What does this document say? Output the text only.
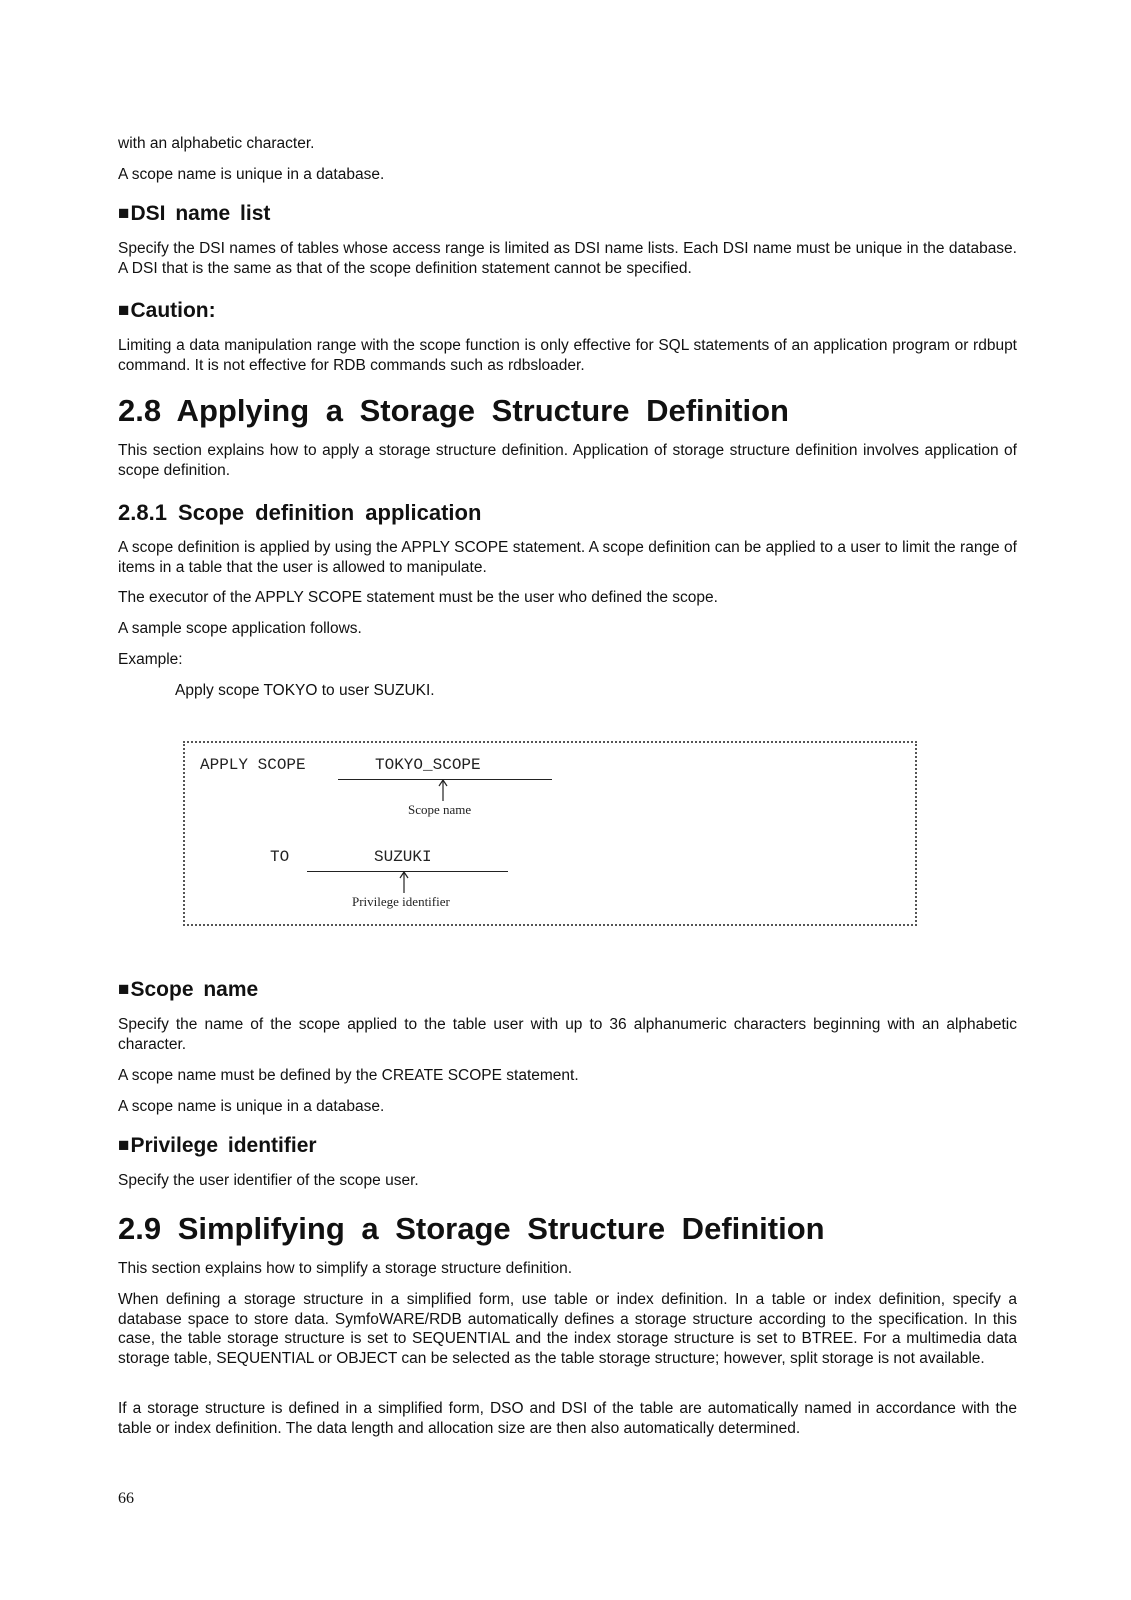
with an alphabetic character.

A scope name is unique in a database.

■DSI name list

Specify the DSI names of tables whose access range is limited as DSI name lists. Each DSI name must be unique in the database. A DSI that is the same as that of the scope definition statement cannot be specified.

■Caution:

Limiting a data manipulation range with the scope function is only effective for SQL statements of an application program or rdbupt command. It is not effective for RDB commands such as rdbsloader.

2.8 Applying a Storage Structure Definition

This section explains how to apply a storage structure definition. Application of storage structure definition involves application of scope definition.

2.8.1 Scope definition application

A scope definition is applied by using the APPLY SCOPE statement. A scope definition can be applied to a user to limit the range of items in a table that the user is allowed to manipulate.

The executor of the APPLY SCOPE statement must be the user who defined the scope.

A sample scope application follows.

Example:

Apply scope TOKYO to user SUZUKI.

APPLY SCOPE	TOKYO_SCOPE
Scope name
TO	SUZUKI
Privilege identifier
■Scope name

Specify the name of the scope applied to the table user with up to 36 alphanumeric characters beginning with an alphabetic character.

A scope name must be defined by the CREATE SCOPE statement.

A scope name is unique in a database.

■Privilege identifier

Specify the user identifier of the scope user.

2.9 Simplifying a Storage Structure Definition

This section explains how to simplify a storage structure definition.

When defining a storage structure in a simplified form, use table or index definition. In a table or index definition, specify a database space to store data. SymfoWARE/RDB automatically defines a storage structure according to the specification. In this case, the table storage structure is set to SEQUENTIAL and the index storage structure is set to BTREE. For a multimedia data storage table, SEQUENTIAL or OBJECT can be selected as the table storage structure; however, split storage is not available.

If a storage structure is defined in a simplified form, DSO and DSI of the table are automatically named in accordance with the table or index definition. The data length and allocation size are then also automatically determined.

66
